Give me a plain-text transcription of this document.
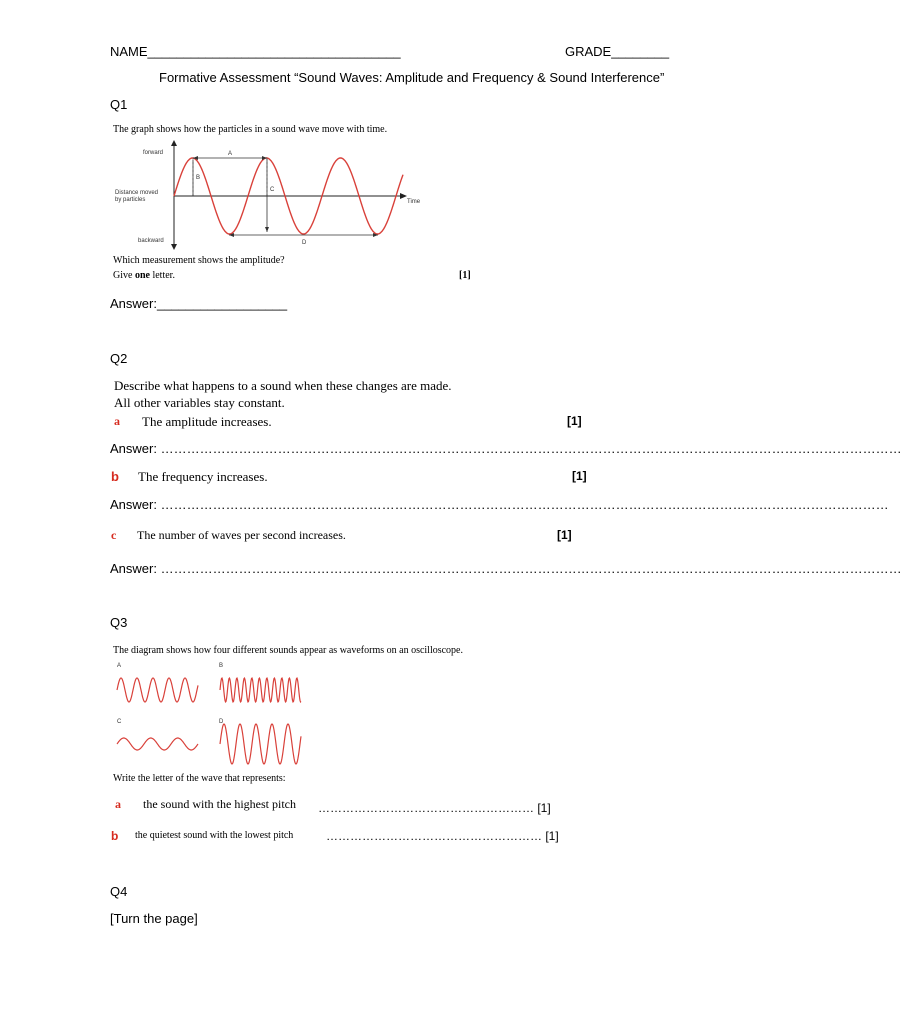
NAME___________________________________	GRADE________
Formative Assessment “Sound Waves: Amplitude and Frequency & Sound Interference”
Q1
The graph shows how the particles in a sound wave move with time.
forward
backward
Distance moved
by particles	Time
A
B
C
D
Which measurement shows the amplitude?
Give one letter.	[1]
Answer:__________________
Q2
Describe what happens to a sound when these changes are made.
All other variables stay constant.
a The amplitude increases.	[1]
Answer: ………………………………………………………………………………………………………………………………………………………
b The frequency increases.	[1]
Answer: ……………………………………………………………………………………………………………………………………………………
c The number of waves per second increases.	[1]
Answer: ………………………………………………………………………………………………………………………………………………………
Q3
The diagram shows how four different sounds appear as waveforms on an oscilloscope.
A	B
C	D
Write the letter of the wave that represents:
a the sound with the highest pitch ……………………………………………… [1]
b the quietest sound with the lowest pitch	……………………………………………… [1]
Q4
[Turn the page]
